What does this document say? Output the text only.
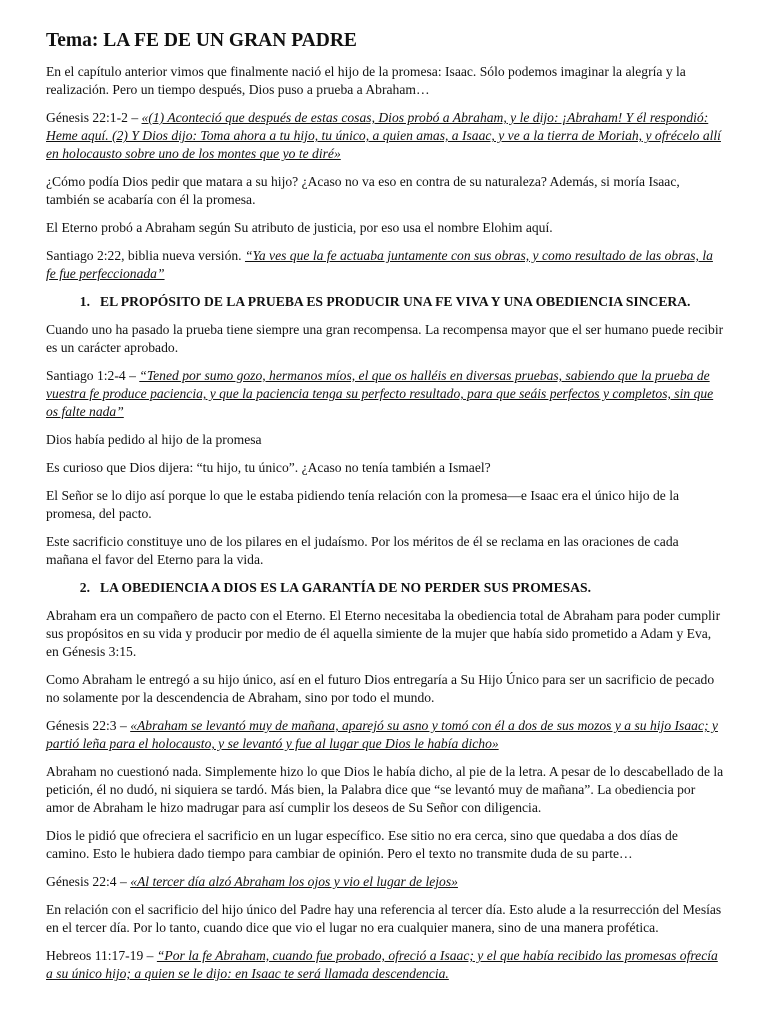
Tema: LA FE DE UN GRAN PADRE

En el capítulo anterior vimos que finalmente nació el hijo de la promesa: Isaac. Sólo podemos imaginar la alegría y la realización. Pero un tiempo después, Dios puso a prueba a Abraham…

Génesis 22:1-2 – «(1) Aconteció que después de estas cosas, Dios probó a Abraham, y le dijo: ¡Abraham! Y él respondió: Heme aquí. (2) Y Dios dijo: Toma ahora a tu hijo, tu único, a quien amas, a Isaac, y ve a la tierra de Moriah, y ofrécelo allí en holocausto sobre uno de los montes que yo te diré»

¿Cómo podía Dios pedir que matara a su hijo? ¿Acaso no va eso en contra de su naturaleza? Además, si moría Isaac, también se acabaría con él la promesa.

El Eterno probó a Abraham según Su atributo de justicia, por eso usa el nombre Elohim aquí.

Santiago 2:22, biblia nueva versión. “Ya ves que la fe actuaba juntamente con sus obras, y como resultado de las obras, la fe fue perfeccionada”

1. EL PROPÓSITO DE LA PRUEBA ES PRODUCIR UNA FE VIVA Y UNA OBEDIENCIA SINCERA.

Cuando uno ha pasado la prueba tiene siempre una gran recompensa. La recompensa mayor que el ser humano puede recibir es un carácter aprobado.

Santiago 1:2-4 – “Tened por sumo gozo, hermanos míos, el que os halléis en diversas pruebas, sabiendo que la prueba de vuestra fe produce paciencia, y que la paciencia tenga su perfecto resultado, para que seáis perfectos y completos, sin que os falte nada”

Dios había pedido al hijo de la promesa

Es curioso que Dios dijera: “tu hijo, tu único”. ¿Acaso no tenía también a Ismael?

El Señor se lo dijo así porque lo que le estaba pidiendo tenía relación con la promesa—e Isaac era el único hijo de la promesa, del pacto.

Este sacrificio constituye uno de los pilares en el judaísmo. Por los méritos de él se reclama en las oraciones de cada mañana el favor del Eterno para la vida.

2. LA OBEDIENCIA A DIOS ES LA GARANTÍA DE NO PERDER SUS PROMESAS.

Abraham era un compañero de pacto con el Eterno. El Eterno necesitaba la obediencia total de Abraham para poder cumplir sus propósitos en su vida y producir por medio de él aquella simiente de la mujer que había sido prometido a Adam y Eva, en Génesis 3:15.

Como Abraham le entregó a su hijo único, así en el futuro Dios entregaría a Su Hijo Único para ser un sacrificio de pecado no solamente por la descendencia de Abraham, sino por todo el mundo.

Génesis 22:3 – «Abraham se levantó muy de mañana, aparejó su asno y tomó con él a dos de sus mozos y a su hijo Isaac; y partió leña para el holocausto, y se levantó y fue al lugar que Dios le había dicho»

Abraham no cuestionó nada. Simplemente hizo lo que Dios le había dicho, al pie de la letra. A pesar de lo descabellado de la petición, él no dudó, ni siquiera se tardó. Más bien, la Palabra dice que “se levantó muy de mañana”. La obediencia por amor de Abraham le hizo madrugar para así cumplir los deseos de Su Señor con diligencia.

Dios le pidió que ofreciera el sacrificio en un lugar específico. Ese sitio no era cerca, sino que quedaba a dos días de camino. Esto le hubiera dado tiempo para cambiar de opinión. Pero el texto no transmite duda de su parte…

Génesis 22:4 – «Al tercer día alzó Abraham los ojos y vio el lugar de lejos»

En relación con el sacrificio del hijo único del Padre hay una referencia al tercer día. Esto alude a la resurrección del Mesías en el tercer día. Por lo tanto, cuando dice que vio el lugar no era cualquier manera, sino de una manera profética.

Hebreos 11:17-19 – “Por la fe Abraham, cuando fue probado, ofreció a Isaac; y el que había recibido las promesas ofrecía a su único hijo; a quien se le dijo: en Isaac te será llamada descendencia.
